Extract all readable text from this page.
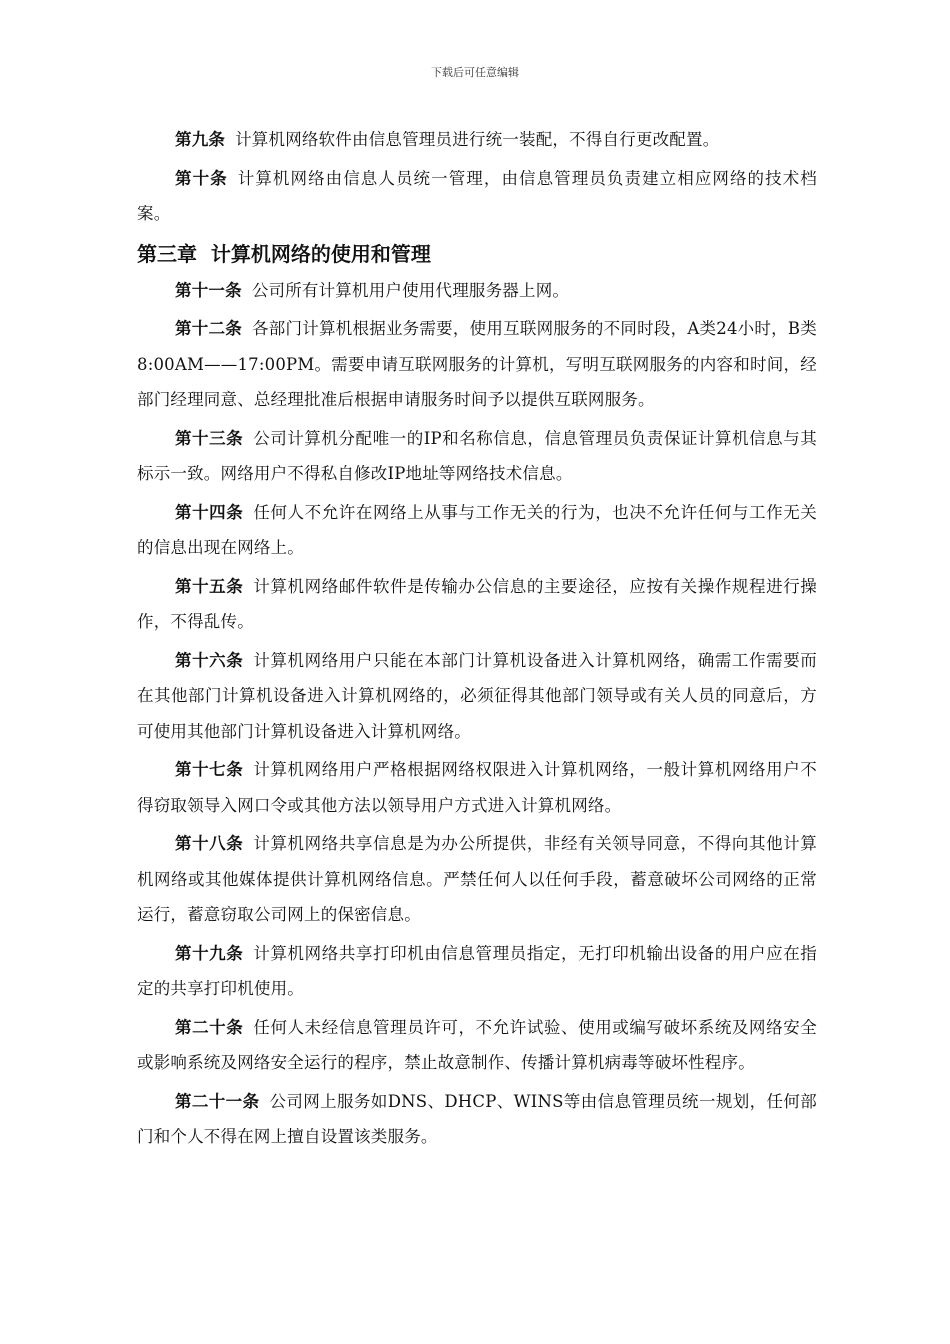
下载后可任意编辑

第九条 计算机网络软件由信息管理员进行统一装配，不得自行更改配置。

第十条 计算机网络由信息人员统一管理，由信息管理员负责建立相应网络的技术档案。

第三章  计算机网络的使用和管理

第十一条 公司所有计算机用户使用代理服务器上网。

第十二条 各部门计算机根据业务需要，使用互联网服务的不同时段，A类24小时，B类8:00AM——17:00PM。需要申请互联网服务的计算机，写明互联网服务的内容和时间，经部门经理同意、总经理批准后根据申请服务时间予以提供互联网服务。

第十三条 公司计算机分配唯一的IP和名称信息，信息管理员负责保证计算机信息与其标示一致。网络用户不得私自修改IP地址等网络技术信息。

第十四条 任何人不允许在网络上从事与工作无关的行为，也决不允许任何与工作无关的信息出现在网络上。

第十五条 计算机网络邮件软件是传输办公信息的主要途径，应按有关操作规程进行操作，不得乱传。

第十六条 计算机网络用户只能在本部门计算机设备进入计算机网络，确需工作需要而在其他部门计算机设备进入计算机网络的，必须征得其他部门领导或有关人员的同意后，方可使用其他部门计算机设备进入计算机网络。

第十七条 计算机网络用户严格根据网络权限进入计算机网络，一般计算机网络用户不得窃取领导入网口令或其他方法以领导用户方式进入计算机网络。

第十八条 计算机网络共享信息是为办公所提供，非经有关领导同意，不得向其他计算机网络或其他媒体提供计算机网络信息。严禁任何人以任何手段，蓄意破坏公司网络的正常运行，蓄意窃取公司网上的保密信息。

第十九条 计算机网络共享打印机由信息管理员指定，无打印机输出设备的用户应在指定的共享打印机使用。

第二十条 任何人未经信息管理员许可，不允许试验、使用或编写破坏系统及网络安全或影响系统及网络安全运行的程序，禁止故意制作、传播计算机病毒等破坏性程序。

第二十一条 公司网上服务如DNS、DHCP、WINS等由信息管理员统一规划，任何部门和个人不得在网上擅自设置该类服务。
